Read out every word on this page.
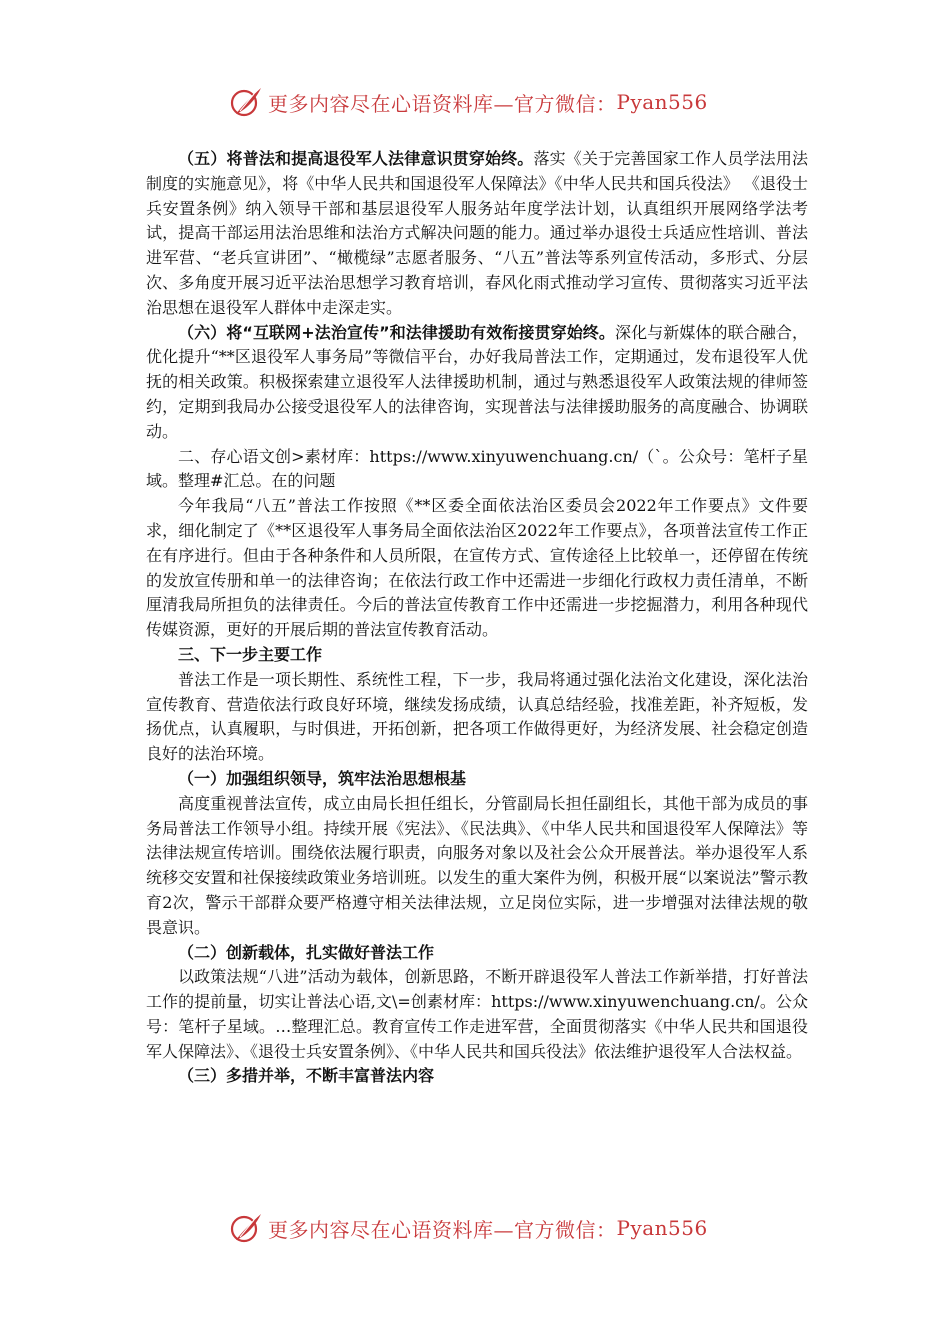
更多内容尽在心语资料库—官方微信： Pyan556

（五）将普法和提高退役军人法律意识贯穿始终。落实《关于完善国家工作人员学法用法制度的实施意见》，将《中华人民共和国退役军人保障法》《中华人民共和国兵役法》 《退役士兵安置条例》纳入领导干部和基层退役军人服务站年度学法计划，认真组织开展网络学法考试，提高干部运用法治思维和法治方式解决问题的能力。通过举办退役士兵适应性培训、普法进军营、“老兵宣讲团”、“橄榄绿”志愿者服务、“八五”普法等系列宣传活动，多形式、分层次、多角度开展习近平法治思想学习教育培训，春风化雨式推动学习宣传、贯彻落实习近平法治思想在退役军人群体中走深走实。

（六）将“互联网+法治宣传”和法律援助有效衔接贯穿始终。深化与新媒体的联合融合，优化提升“**区退役军人事务局”等微信平台，办好我局普法工作，定期通过，发布退役军人优抚的相关政策。积极探索建立退役军人法律援助机制，通过与熟悉退役军人政策法规的律师签约，定期到我局办公接受退役军人的法律咨询，实现普法与法律援助服务的高度融合、协调联动。

二、存心语文创>素材库：https://www.xinyuwenchuang.cn/（`。公众号：笔杆子星域。整理#汇总。在的问题

今年我局“八五”普法工作按照《**区委全面依法治区委员会2022年工作要点》文件要求，细化制定了《**区退役军人事务局全面依法治区2022年工作要点》，各项普法宣传工作正在有序进行。但由于各种条件和人员所限，在宣传方式、宣传途径上比较单一，还停留在传统的发放宣传册和单一的法律咨询；在依法行政工作中还需进一步细化行政权力责任清单，不断厘清我局所担负的法律责任。今后的普法宣传教育工作中还需进一步挖掘潜力，利用各种现代传媒资源，更好的开展后期的普法宣传教育活动。

三、下一步主要工作

普法工作是一项长期性、系统性工程，下一步，我局将通过强化法治文化建设，深化法治宣传教育、营造依法行政良好环境，继续发扬成绩，认真总结经验，找准差距，补齐短板，发扬优点，认真履职，与时俱进，开拓创新，把各项工作做得更好，为经济发展、社会稳定创造良好的法治环境。

（一）加强组织领导，筑牢法治思想根基

高度重视普法宣传，成立由局长担任组长，分管副局长担任副组长，其他干部为成员的事务局普法工作领导小组。持续开展《宪法》、《民法典》、《中华人民共和国退役军人保障法》等法律法规宣传培训。围绕依法履行职责，向服务对象以及社会公众开展普法。举办退役军人系统移交安置和社保接续政策业务培训班。以发生的重大案件为例，积极开展“以案说法”警示教育2次，警示干部群众要严格遵守相关法律法规，立足岗位实际，进一步增强对法律法规的敬畏意识。

（二）创新载体，扎实做好普法工作

以政策法规“八进”活动为载体，创新思路，不断开辟退役军人普法工作新举措，打好普法工作的提前量，切实让普法心语,文\=创素材库：https://www.xinyuwenchuang.cn/。公众号：笔杆子星域。…整理汇总。教育宣传工作走进军营，全面贯彻落实《中华人民共和国退役军人保障法》、《退役士兵安置条例》、《中华人民共和国兵役法》依法维护退役军人合法权益。

（三）多措并举，不断丰富普法内容

更多内容尽在心语资料库—官方微信： Pyan556
